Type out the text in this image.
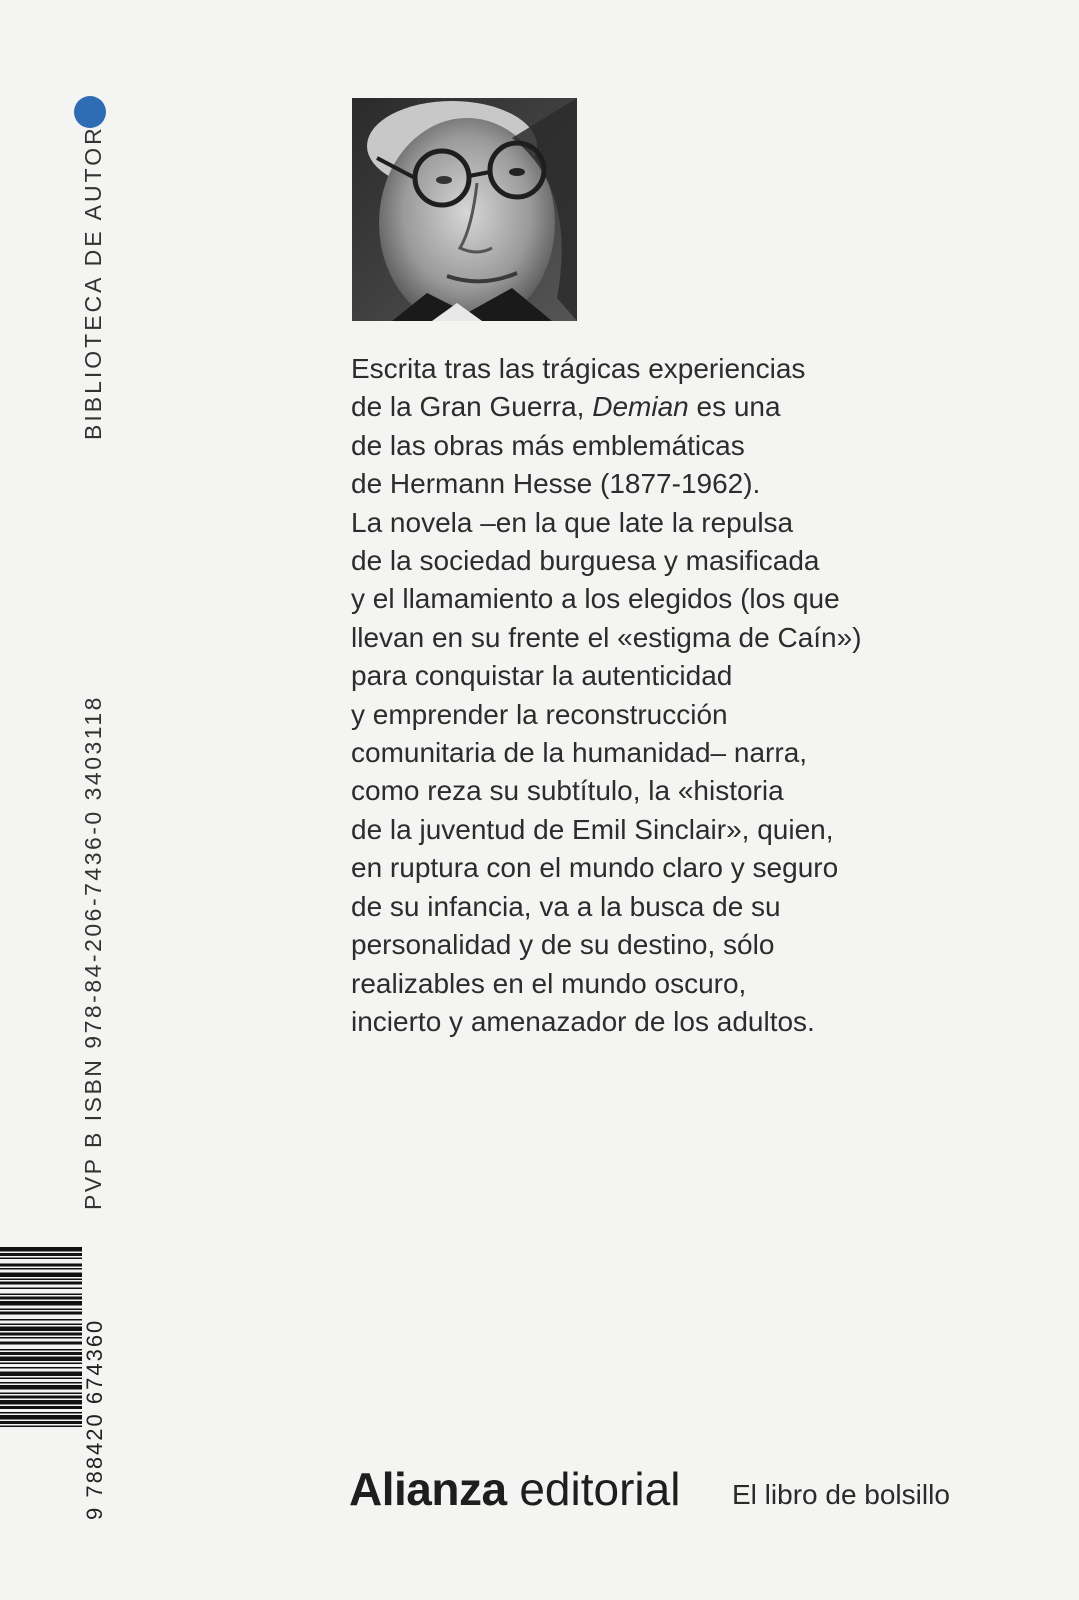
BIBLIOTECA DE AUTOR
PVP B ISBN 978-84-206-7436-0 3403118
9 788420 674360
Escrita tras las trágicas experiencias
de la Gran Guerra, Demian es una
de las obras más emblemáticas
de Hermann Hesse (1877-1962).
La novela –en la que late la repulsa
de la sociedad burguesa y masificada
y el llamamiento a los elegidos (los que
llevan en su frente el «estigma de Caín»)
para conquistar la autenticidad
y emprender la reconstrucción
comunitaria de la humanidad– narra,
como reza su subtítulo, la «historia
de la juventud de Emil Sinclair», quien,
en ruptura con el mundo claro y seguro
de su infancia, va a la busca de su
personalidad y de su destino, sólo
realizables en el mundo oscuro,
incierto y amenazador de los adultos.
Alianza editorial El libro de bolsillo
